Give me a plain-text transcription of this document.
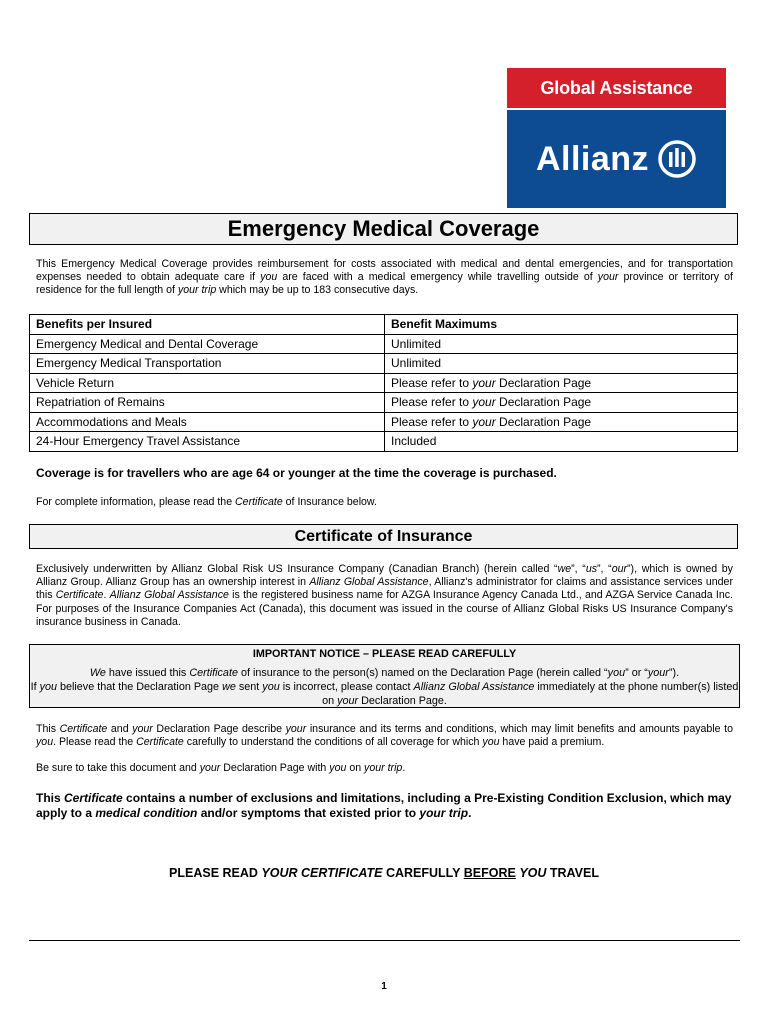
Global Assistance
Allianz
Emergency Medical Coverage
This Emergency Medical Coverage provides reimbursement for costs associated with medical and dental emergencies, and for transportation expenses needed to obtain adequate care if you are faced with a medical emergency while travelling outside of your province or territory of residence for the full length of your trip which may be up to 183 consecutive days.
Benefits per Insured	Benefit Maximums
Emergency Medical and Dental Coverage	Unlimited
Emergency Medical Transportation	Unlimited
Vehicle Return	Please refer to your Declaration Page
Repatriation of Remains	Please refer to your Declaration Page
Accommodations and Meals	Please refer to your Declaration Page
24-Hour Emergency Travel Assistance	Included
Coverage is for travellers who are age 64 or younger at the time the coverage is purchased.
For complete information, please read the Certificate of Insurance below.
Certificate of Insurance
Exclusively underwritten by Allianz Global Risk US Insurance Company (Canadian Branch) (herein called “we”, “us”, “our”), which is owned by Allianz Group. Allianz Group has an ownership interest in Allianz Global Assistance, Allianz's administrator for claims and assistance services under this Certificate. Allianz Global Assistance is the registered business name for AZGA Insurance Agency Canada Ltd., and AZGA Service Canada Inc. For purposes of the Insurance Companies Act (Canada), this document was issued in the course of Allianz Global Risks US Insurance Company's insurance business in Canada.
IMPORTANT NOTICE – PLEASE READ CAREFULLY
We have issued this Certificate of insurance to the person(s) named on the Declaration Page (herein called “you” or “your”).
If you believe that the Declaration Page we sent you is incorrect, please contact Allianz Global Assistance immediately at the phone number(s) listed on your Declaration Page.
This Certificate and your Declaration Page describe your insurance and its terms and conditions, which may limit benefits and amounts payable to you. Please read the Certificate carefully to understand the conditions of all coverage for which you have paid a premium.
Be sure to take this document and your Declaration Page with you on your trip.
This Certificate contains a number of exclusions and limitations, including a Pre-Existing Condition Exclusion, which may apply to a medical condition and/or symptoms that existed prior to your trip.
PLEASE READ YOUR CERTIFICATE CAREFULLY BEFORE YOU TRAVEL
1
